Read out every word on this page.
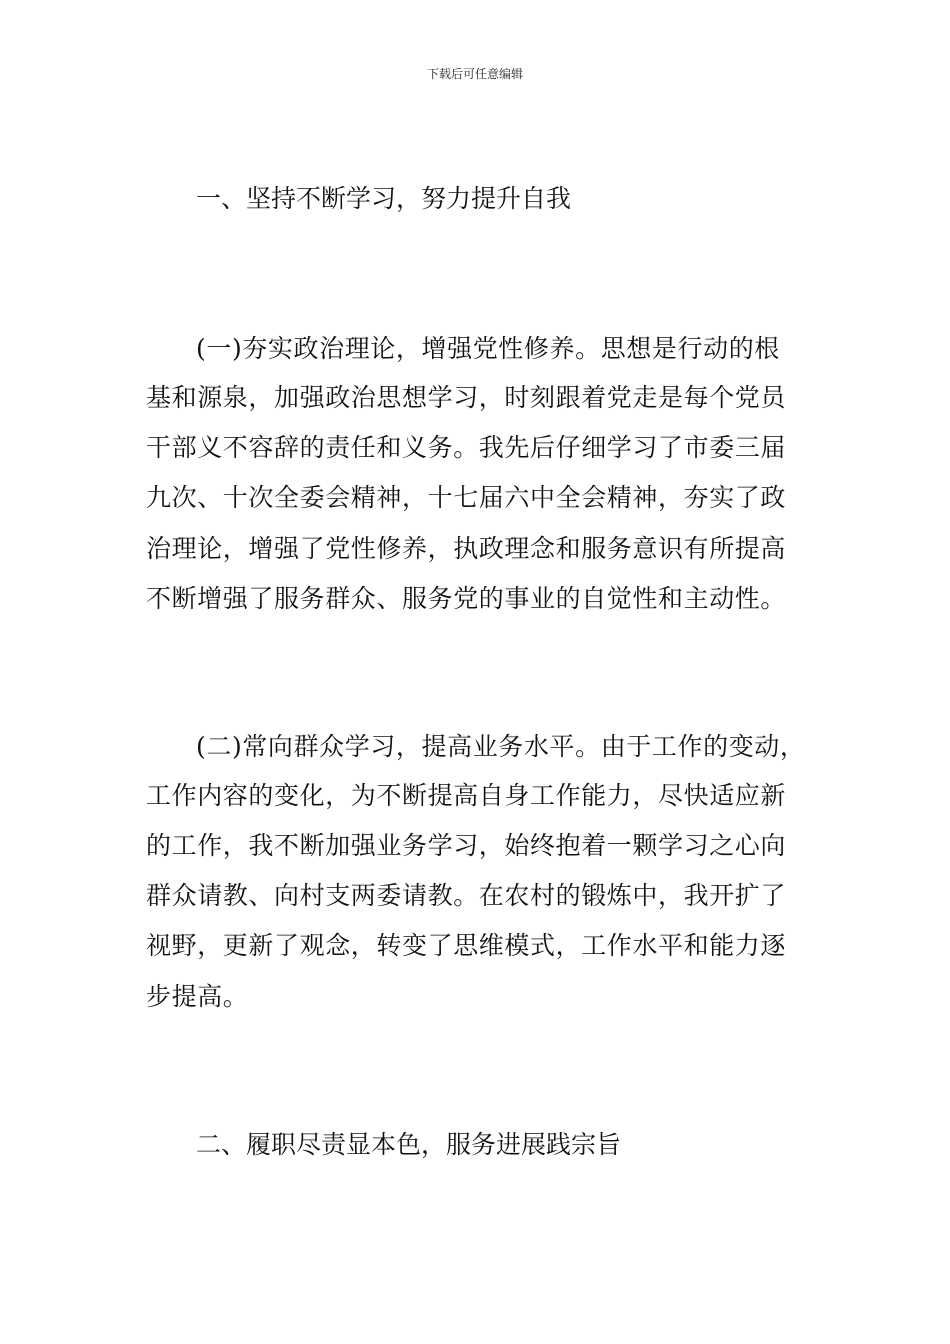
下载后可任意编辑
一、坚持不断学习，努力提升自我
(一)夯实政治理论，增强党性修养。思想是行动的根
基和源泉，加强政治思想学习，时刻跟着党走是每个党员
干部义不容辞的责任和义务。我先后仔细学习了市委三届
九次、十次全委会精神，十七届六中全会精神，夯实了政
治理论，增强了党性修养，执政理念和服务意识有所提高
不断增强了服务群众、服务党的事业的自觉性和主动性。
(二)常向群众学习，提高业务水平。由于工作的变动，
工作内容的变化，为不断提高自身工作能力，尽快适应新
的工作，我不断加强业务学习，始终抱着一颗学习之心向
群众请教、向村支两委请教。在农村的锻炼中，我开扩了
视野，更新了观念，转变了思维模式，工作水平和能力逐
步提高。
二、履职尽责显本色，服务进展践宗旨
